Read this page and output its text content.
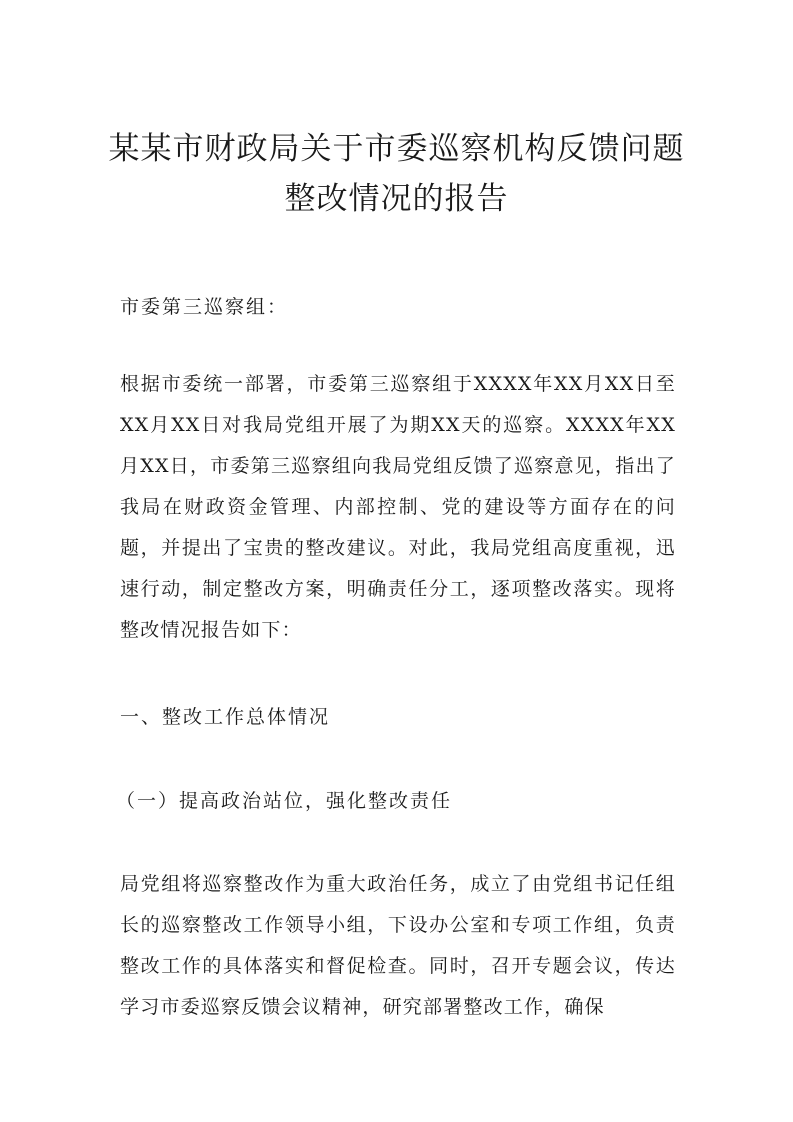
某某市财政局关于市委巡察机构反馈问题
整改情况的报告
市委第三巡察组：
根据市委统一部署，市委第三巡察组于XXXX年XX月XX日至XX月XX日对我局党组开展了为期XX天的巡察。XXXX年XX月XX日，市委第三巡察组向我局党组反馈了巡察意见，指出了我局在财政资金管理、内部控制、党的建设等方面存在的问题，并提出了宝贵的整改建议。对此，我局党组高度重视，迅速行动，制定整改方案，明确责任分工，逐项整改落实。现将整改情况报告如下：
一、整改工作总体情况
（一）提高政治站位，强化整改责任
局党组将巡察整改作为重大政治任务，成立了由党组书记任组长的巡察整改工作领导小组，下设办公室和专项工作组，负责整改工作的具体落实和督促检查。同时，召开专题会议，传达学习市委巡察反馈会议精神，研究部署整改工作，确保
